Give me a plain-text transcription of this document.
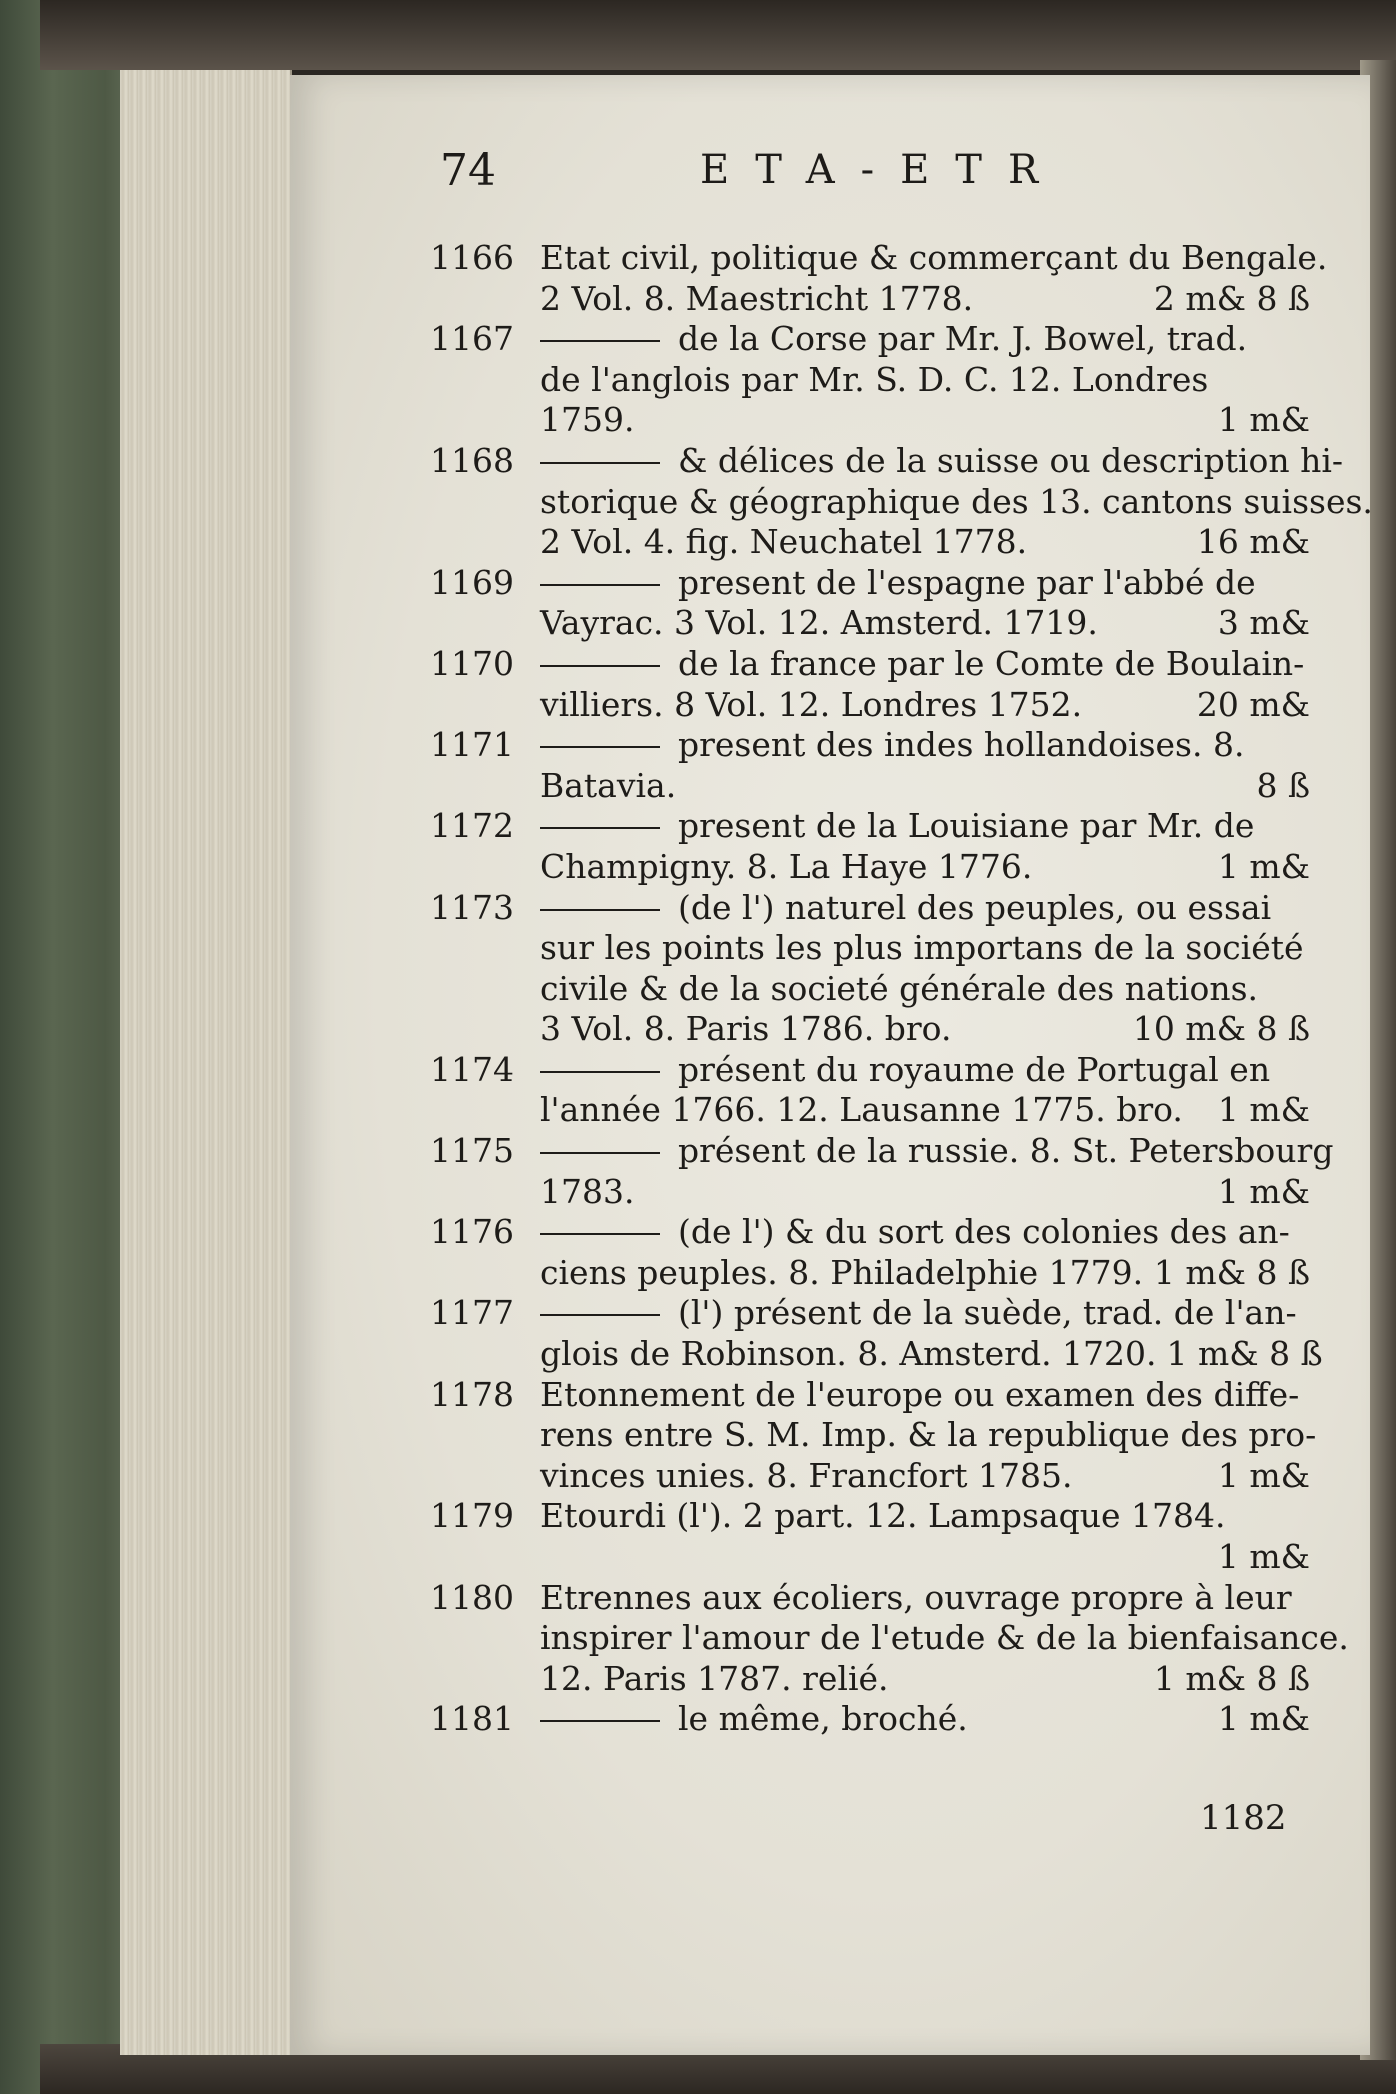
74	ETA-ETR
1166 Etat civil, politique & commerçant du Bengale.
2 Vol. 8. Maestricht 1778.	2 m& 8 ß
1167	de la Corse par Mr. J. Bowel, trad.
de l'anglois par Mr. S. D. C. 12. Londres
1759.	1 m&
1168	& délices de la suisse ou description hi-
storique & géographique des 13. cantons suisses.
2 Vol. 4. fig. Neuchatel 1778.	16 m&
1169	present de l'espagne par l'abbé de
Vayrac. 3 Vol. 12. Amsterd. 1719.	3 m&
1170	de la france par le Comte de Boulain-
villiers. 8 Vol. 12. Londres 1752.	20 m&
1171	present des indes hollandoises. 8.
Batavia.	8 ß
1172	present de la Louisiane par Mr. de
Champigny. 8. La Haye 1776.	1 m&
1173	(de l') naturel des peuples, ou essai
sur les points les plus importans de la société
civile & de la societé générale des nations.
3 Vol. 8. Paris 1786. bro.	10 m& 8 ß
1174	présent du royaume de Portugal en
l'année 1766. 12. Lausanne 1775. bro.	1 m&
1175	présent de la russie. 8. St. Petersbourg
1783.	1 m&
1176	(de l') & du sort des colonies des an-
ciens peuples. 8. Philadelphie 1779. 1 m& 8 ß
1177	(l') présent de la suède, trad. de l'an-
glois de Robinson. 8. Amsterd. 1720. 1 m& 8 ß
1178 Etonnement de l'europe ou examen des diffe-
rens entre S. M. Imp. & la republique des pro-
vinces unies. 8. Francfort 1785.	1 m&
1179 Etourdi (l'). 2 part. 12. Lampsaque 1784.
1 m&
1180 Etrennes aux écoliers, ouvrage propre à leur
inspirer l'amour de l'etude & de la bienfaisance.
12. Paris 1787. relié.	1 m& 8 ß
1181	le même, broché.	1 m&
1182
